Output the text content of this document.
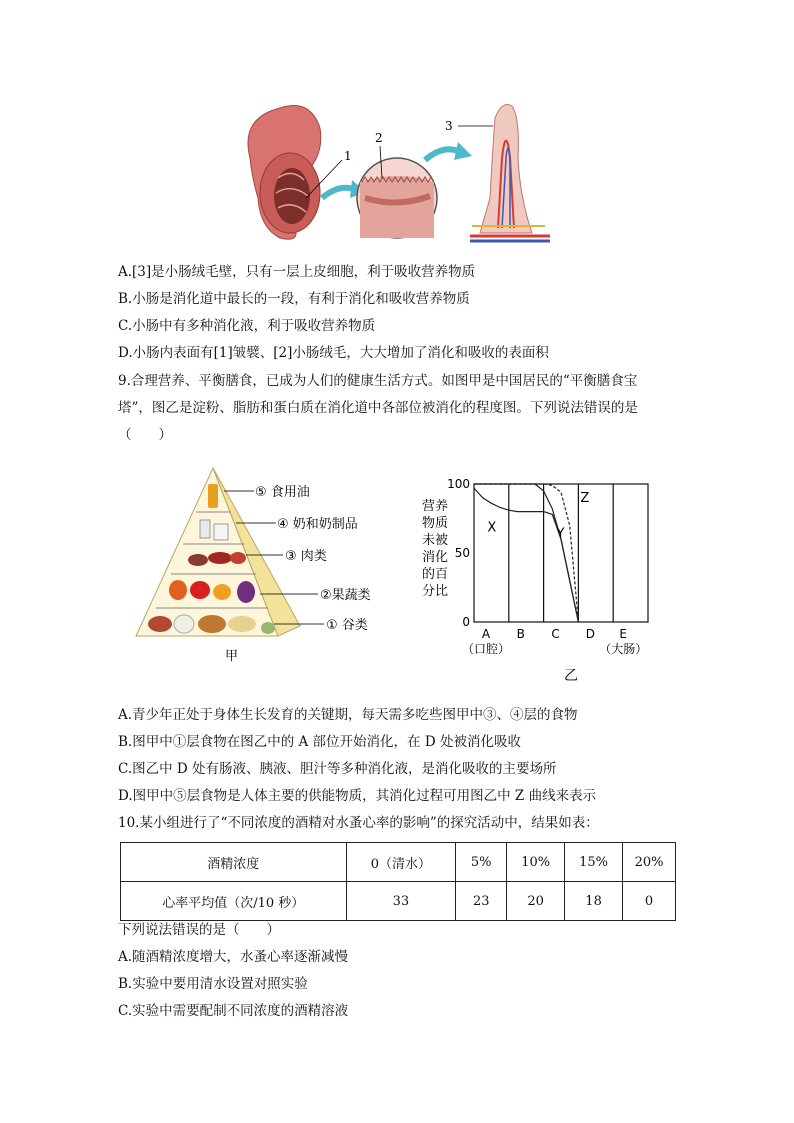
1
2
3
A.[3]是小肠绒毛壁，只有一层上皮细胞，利于吸收营养物质
B.小肠是消化道中最长的一段，有利于消化和吸收营养物质
C.小肠中有多种消化液，利于吸收营养物质
D.小肠内表面有[1]皱襞、[2]小肠绒毛，大大增加了消化和吸收的表面积
9.合理营养、平衡膳食，已成为人们的健康生活方式。如图甲是中国居民的“平衡膳食宝
塔”，图乙是淀粉、脂肪和蛋白质在消化道中各部位被消化的程度图。下列说法错误的是
（　　）
⑤ 食用油
④ 奶和奶制品
③ 肉类
②果蔬类
① 谷类
甲
营养
物质
未被
消化
的百
分比
100
50
0
X	Y
Z
A
（口腔）
B C D E
（大肠）
乙
A.青少年正处于身体生长发育的关键期，每天需多吃些图甲中③、④层的食物
B.图甲中①层食物在图乙中的 A 部位开始消化，在 D 处被消化吸收
C.图乙中 D 处有肠液、胰液、胆汁等多种消化液，是消化吸收的主要场所
D.图甲中⑤层食物是人体主要的供能物质，其消化过程可用图乙中 Z 曲线来表示
10.某小组进行了“不同浓度的酒精对水蚤心率的影响”的探究活动中，结果如表：
酒精浓度	0（清水）	5%	10%	15%	20%
心率平均值（次/10 秒）	33	23	20	18	0
下列说法错误的是（　　）
A.随酒精浓度增大，水蚤心率逐渐减慢
B.实验中要用清水设置对照实验
C.实验中需要配制不同浓度的酒精溶液
